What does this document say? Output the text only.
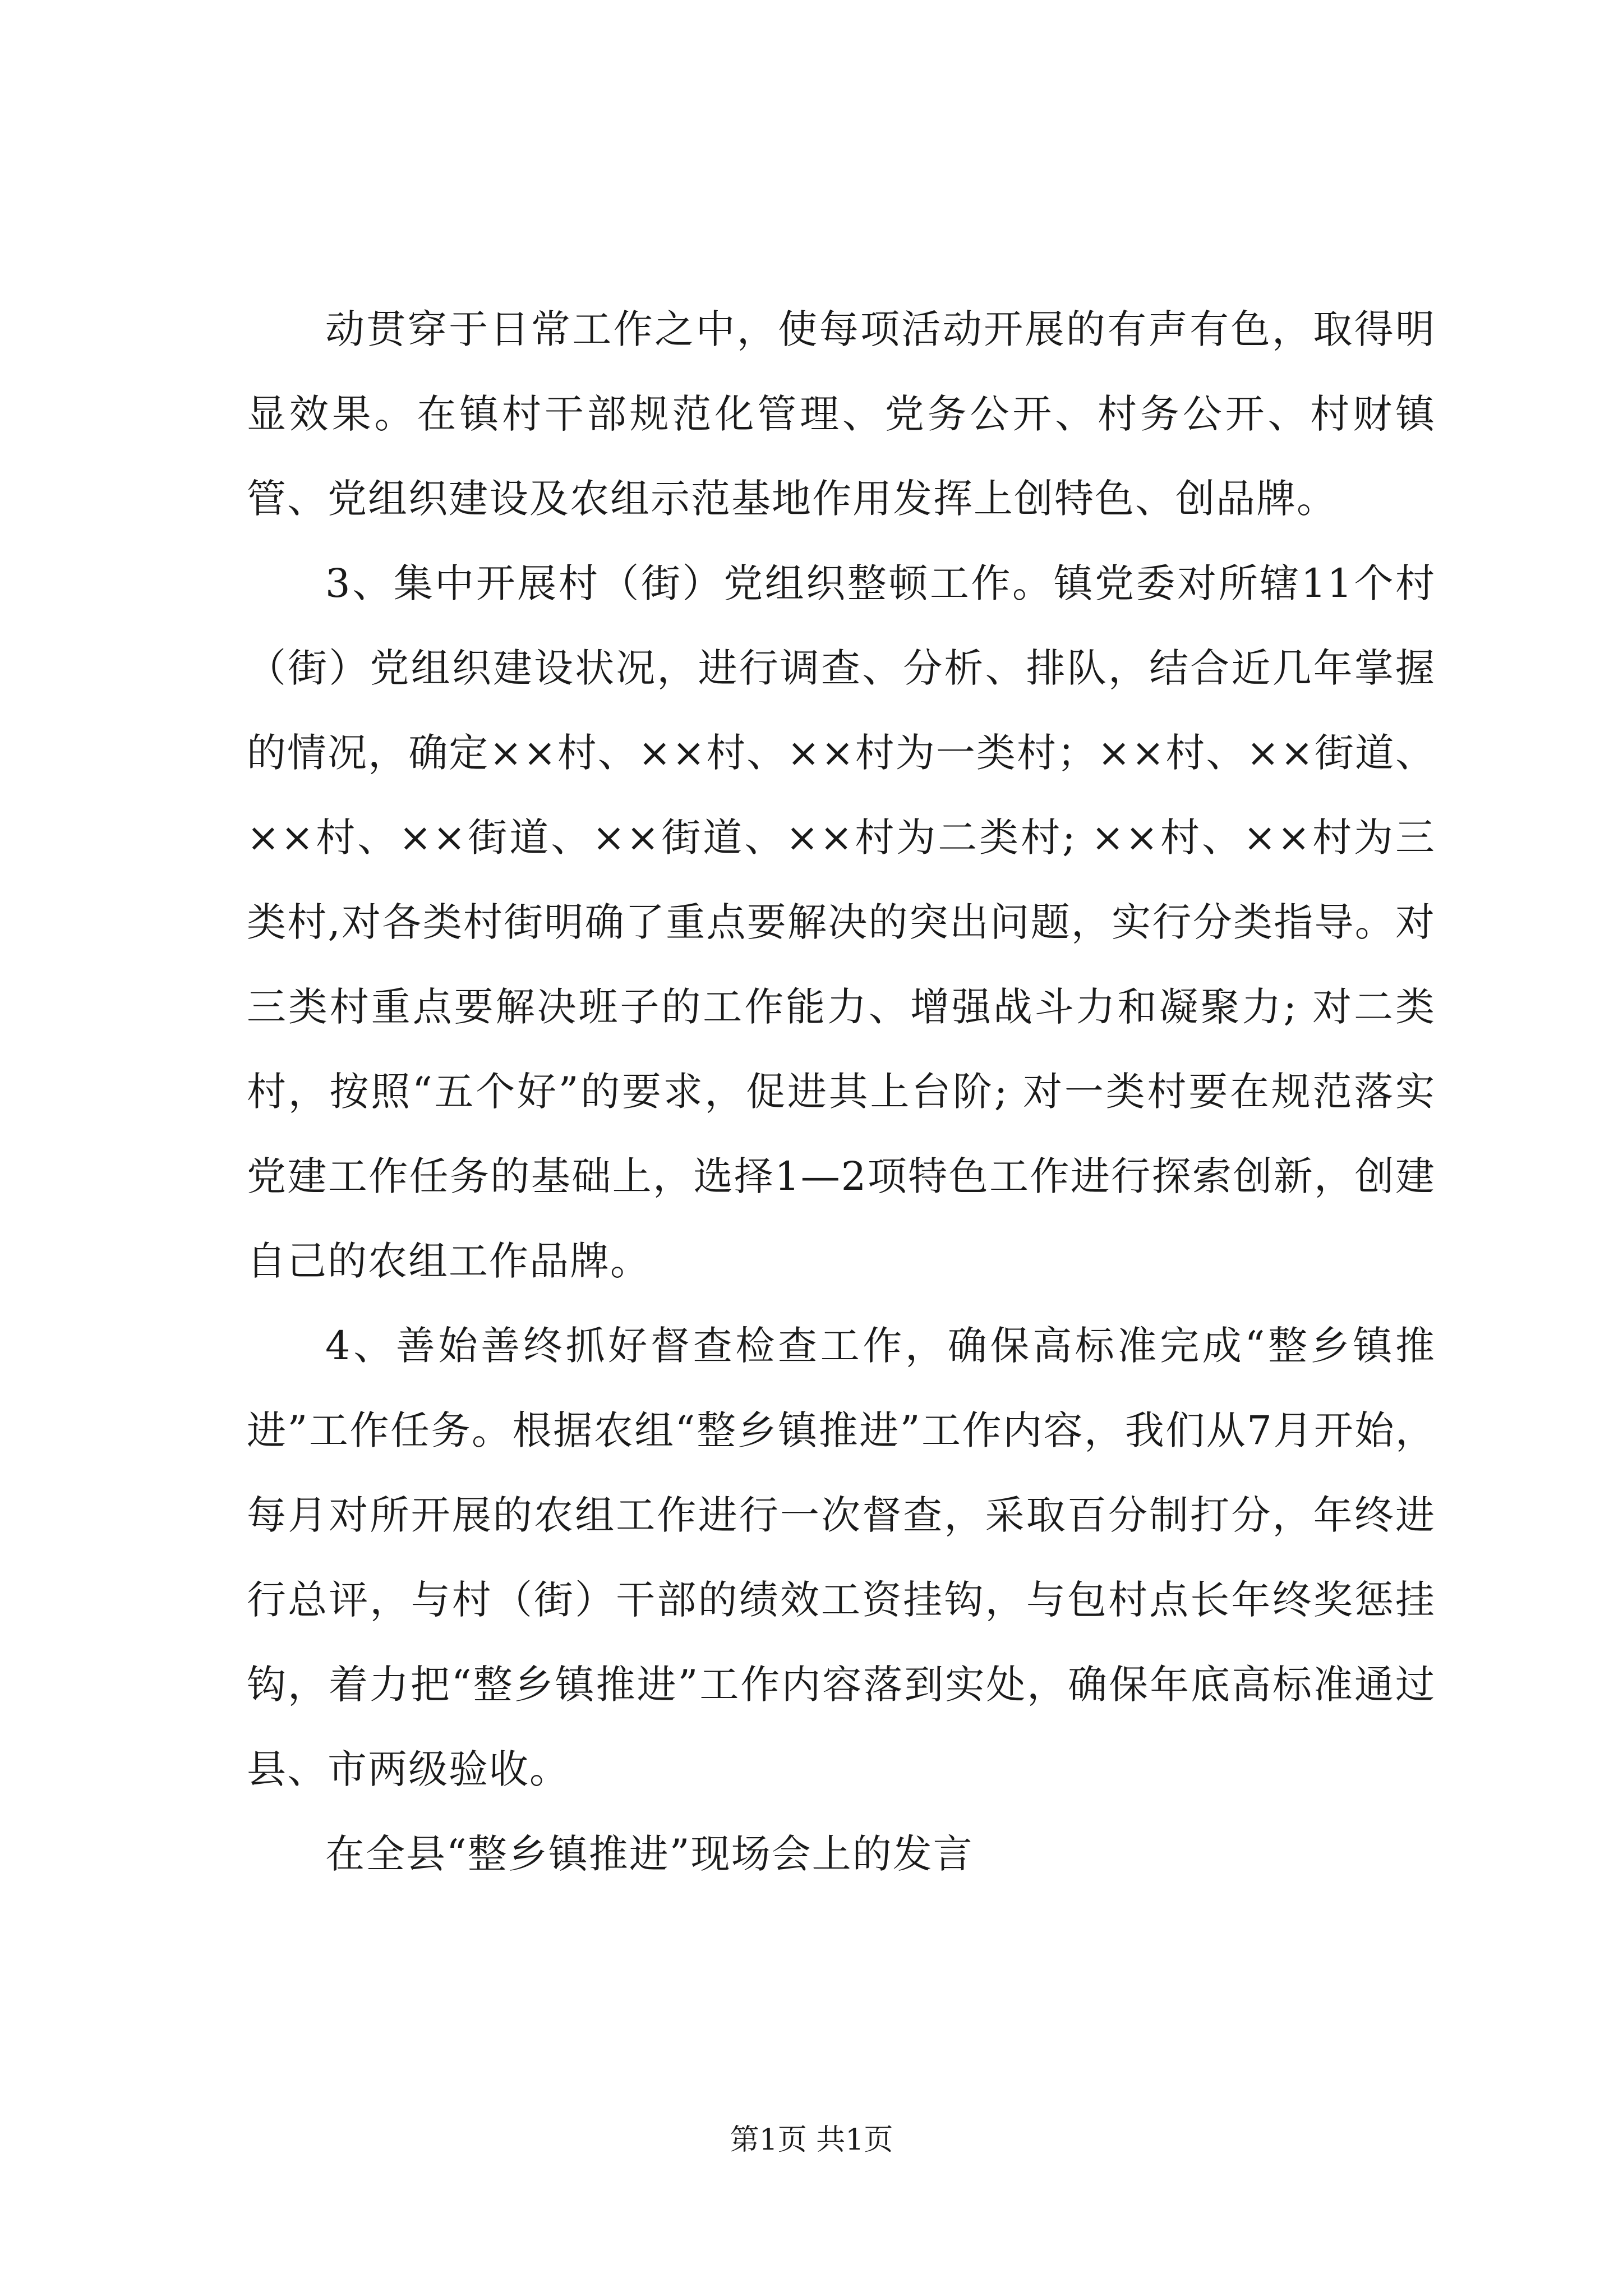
动贯穿于日常工作之中，使每项活动开展的有声有色，取得明显效果。在镇村干部规范化管理、党务公开、村务公开、村财镇管、党组织建设及农组示范基地作用发挥上创特色、创品牌。

3、集中开展村（街）党组织整顿工作。镇党委对所辖11个村（街）党组织建设状况，进行调查、分析、排队，结合近几年掌握的情况，确定××村、××村、××村为一类村；××村、××街道、××村、××街道、××街道、××村为二类村; ××村、××村为三类村,对各类村街明确了重点要解决的突出问题，实行分类指导。对三类村重点要解决班子的工作能力、增强战斗力和凝聚力; 对二类村，按照“五个好”的要求，促进其上台阶; 对一类村要在规范落实党建工作任务的基础上，选择1—2项特色工作进行探索创新，创建自己的农组工作品牌。

4、善始善终抓好督查检查工作，确保高标准完成“整乡镇推进”工作任务。根据农组“整乡镇推进”工作内容，我们从7月开始，每月对所开展的农组工作进行一次督查，采取百分制打分，年终进行总评，与村（街）干部的绩效工资挂钩，与包村点长年终奖惩挂钩，着力把“整乡镇推进”工作内容落到实处，确保年底高标准通过县、市两级验收。

在全县“整乡镇推进”现场会上的发言

第1页 共1页
